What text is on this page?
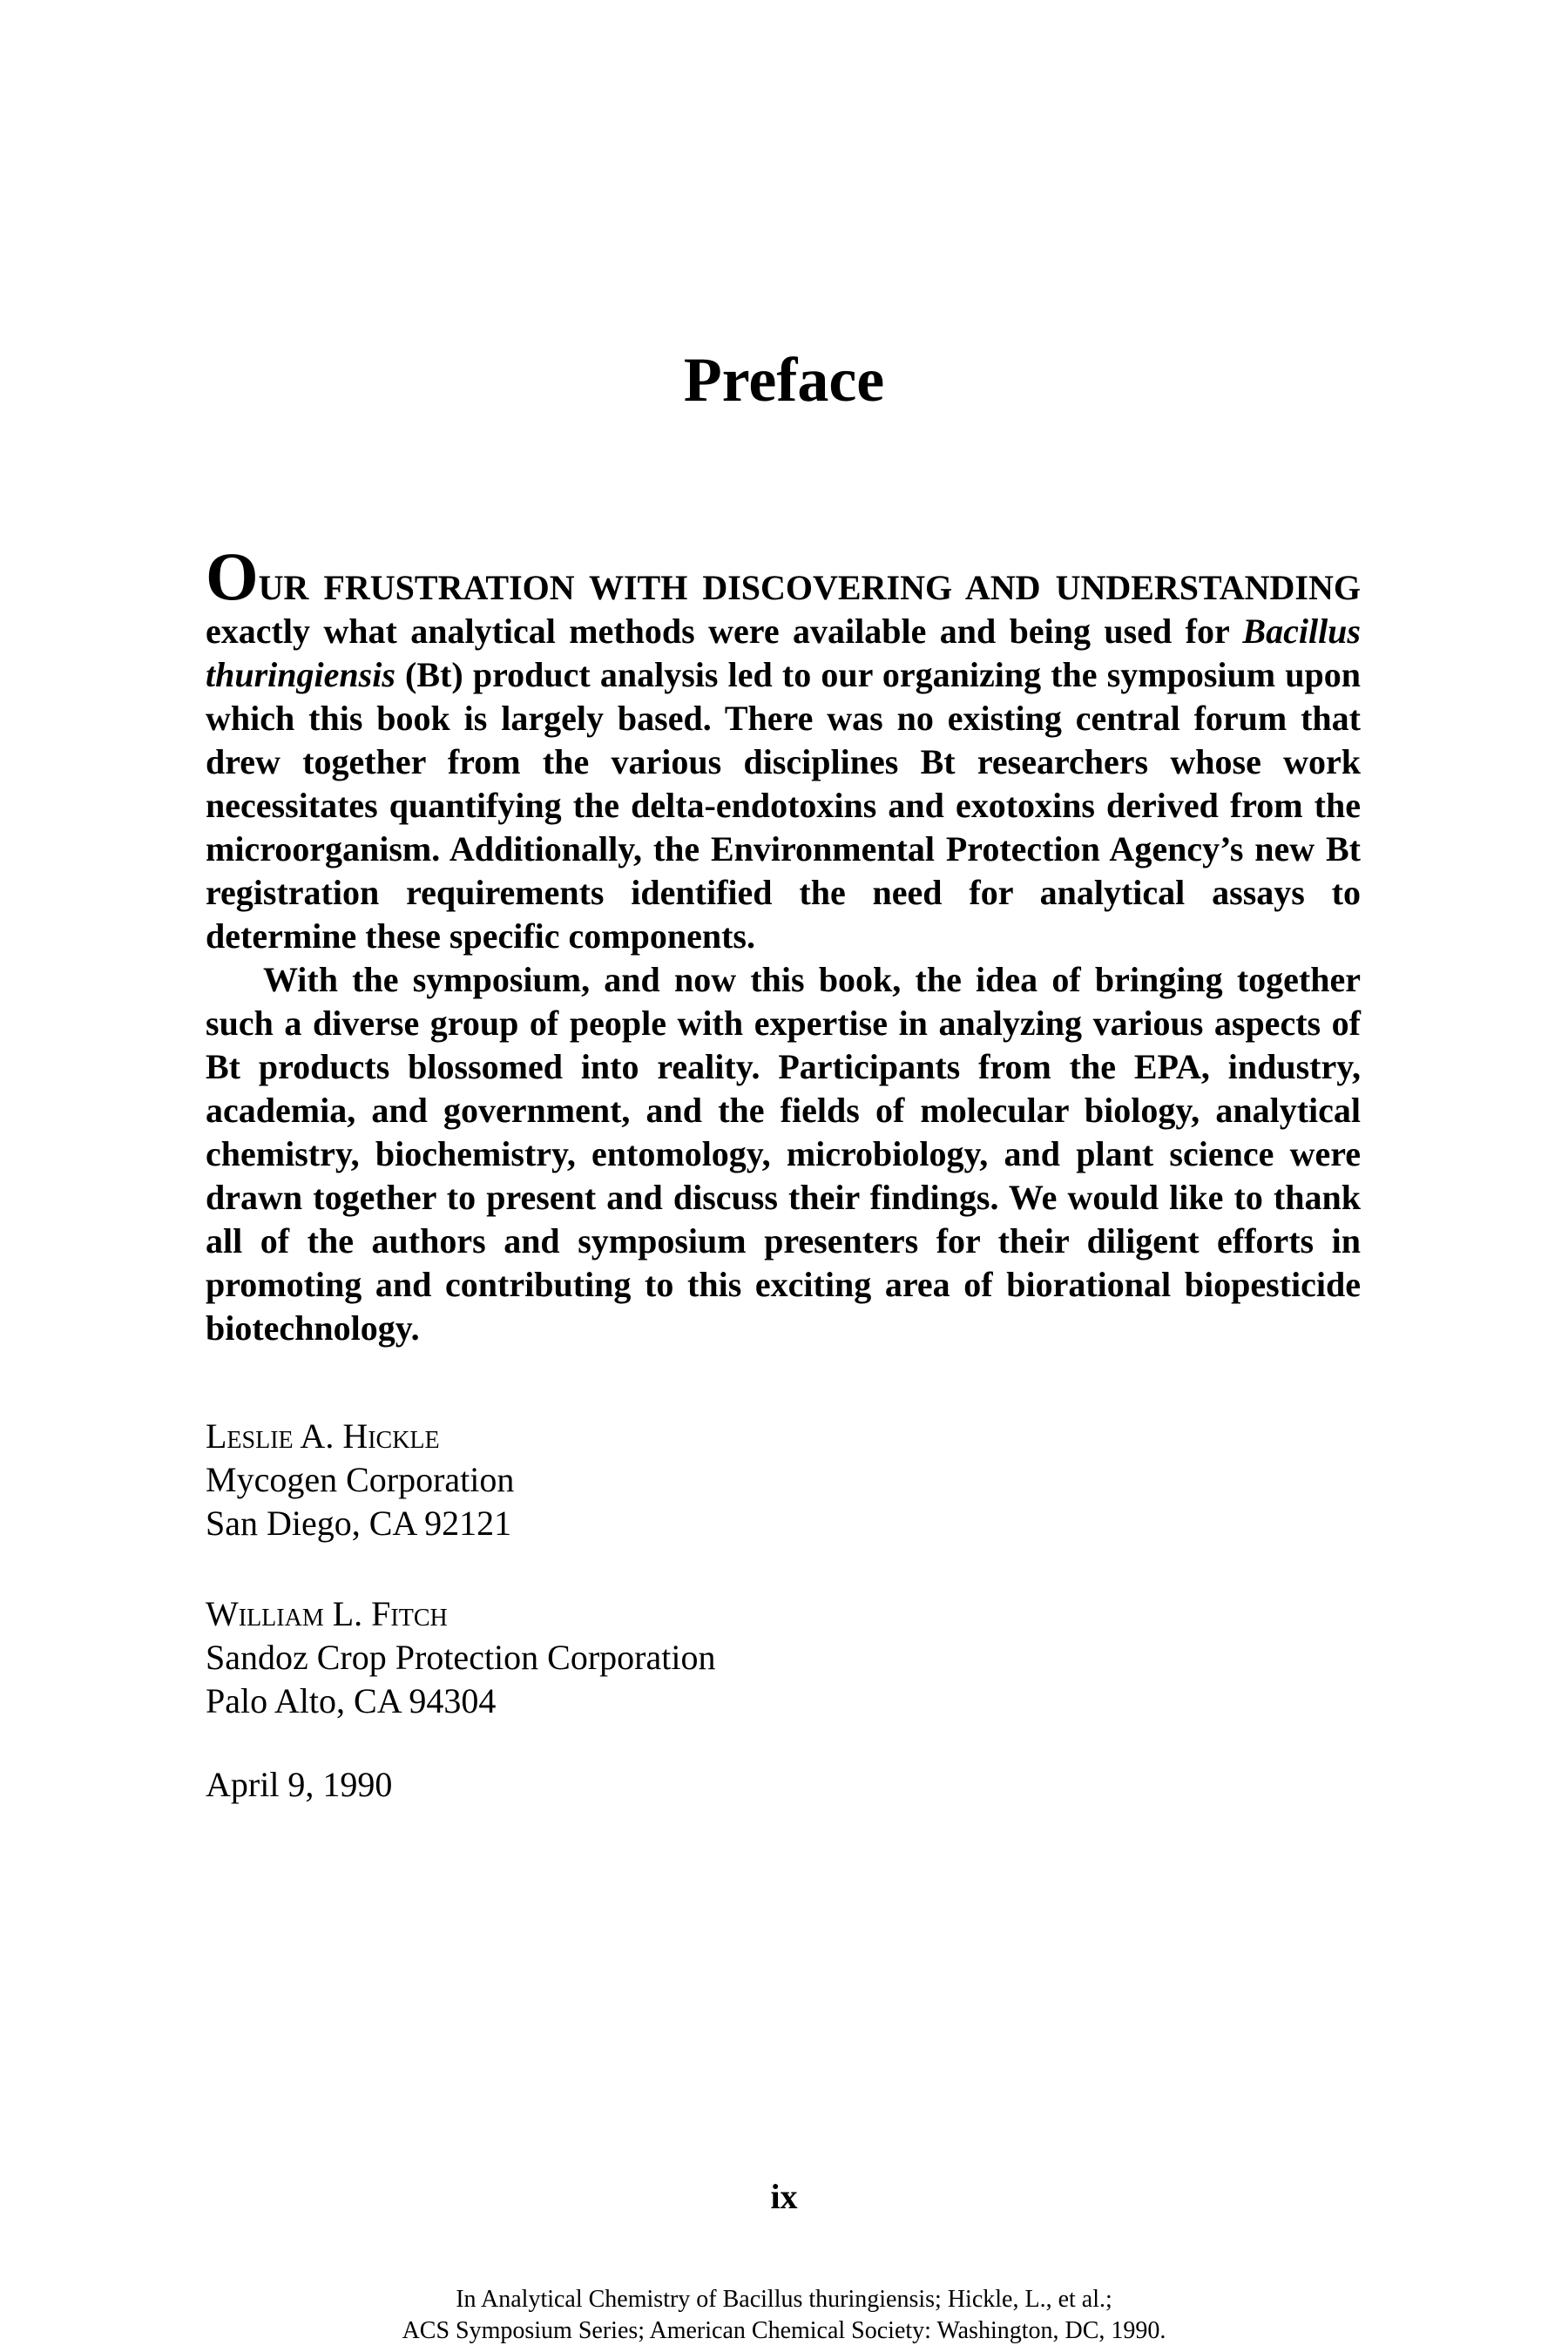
Preface

OUR FRUSTRATION WITH DISCOVERING AND UNDERSTANDING exactly what analytical methods were available and being used for Bacillus thuringiensis (Bt) product analysis led to our organizing the symposium upon which this book is largely based. There was no existing central forum that drew together from the various disciplines Bt researchers whose work necessitates quantifying the delta-endotoxins and exotoxins derived from the microorganism. Additionally, the Environmental Protection Agency’s new Bt registration requirements identified the need for analytical assays to determine these specific components.

With the symposium, and now this book, the idea of bringing together such a diverse group of people with expertise in analyzing various aspects of Bt products blossomed into reality. Participants from the EPA, industry, academia, and government, and the fields of molecular biology, analytical chemistry, biochemistry, entomology, microbiology, and plant science were drawn together to present and discuss their findings. We would like to thank all of the authors and symposium presenters for their diligent efforts in promoting and contributing to this exciting area of biorational biopesticide biotechnology.

Leslie A. Hickle
Mycogen Corporation
San Diego, CA 92121
William L. Fitch
Sandoz Crop Protection Corporation
Palo Alto, CA 94304
April 9, 1990
ix
In Analytical Chemistry of Bacillus thuringiensis; Hickle, L., et al.;
ACS Symposium Series; American Chemical Society: Washington, DC, 1990.
